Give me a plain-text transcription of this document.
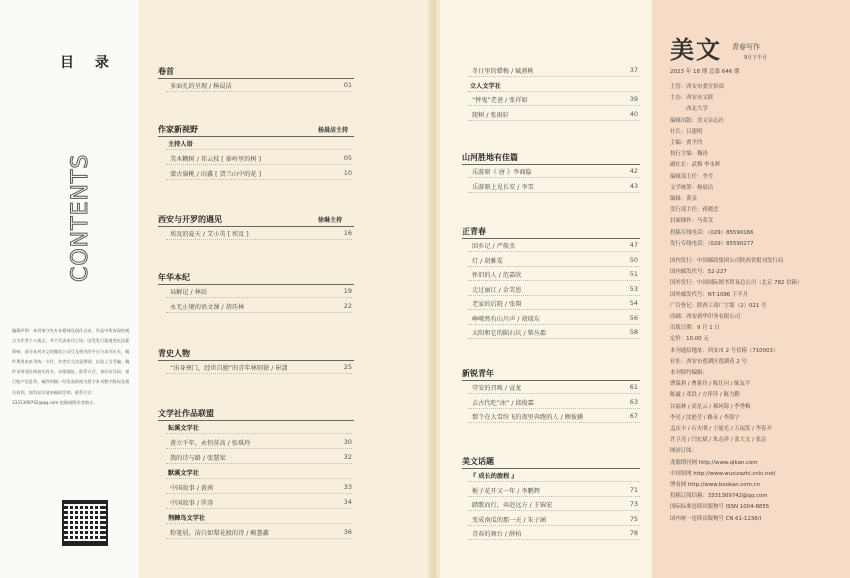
目 录
CONTENTS
编辑声明：本刊恪守先专业精神及创作自由，作品中所表现的观点为作者个人观点，并不代表本刊立场。因受发行渠道变化因素影响，部分本刊名义的微信公众号及相关的平台与本刊无关，稿件费用由本刊统一支付，作者应当注意辨别，以免上当受骗。稿件采用请注明真实姓名、详细地址、联系方式、身份证号码、银行账户信息等。稿件用稿一经发表即视为授予本刊数字版权及相关权利，如有异议请来稿时注明。联系方式：3331309742@qq.com 投稿请附作者简介。
卷首
多面孔的呈现 / 杨晨洁	01
作家新视野	杨晨洁主持
主持人语
美木糊树 / 祁云枝 [ 秦岭里的树 ]	05
蒙古扁桃 / 田鑫 [ 贺兰山中的花 ]	10
西安与开罗的遇见	徐琳主持
埃及的夏天 / 艾小英 [ 埃及 ]	16
年华本纪
局解记 / 林辰	19
永无止境的语文课 / 胡珏林	22
青史人物
“出身寒门，经世自励”的青年林则徐 / 崔潇	25
文学社作品联盟
耘溪文学社
黄立千年，永恒莫高 / 张琪玲	30
我的诗与路 / 张慧梁	32
默溪文学社
中国故事 / 黄茜	33
中国故事 / 罗涛	34
荆棘鸟文学社
粉笔屑，洁白如梨花般的诗 / 赖慧鑫	36
冬日里的蜡梅 / 臧燕桃	37
立人文学社
“摔鬼”老爸 / 张祥如	39
爬树 / 张雨轩	40
山河胜地有佳篇
乐游原《 唐 》李商隐	42
乐游原上见长安 / 李雪	43
正青春
回乡记 / 严俊杰	47
灯 / 胡雅雯	50
怀旧的人 / 范嘉欣	51
走过丽江 / 金美恩	53
老家的后院 / 张翔	54
峥嵘然有山川声 / 胡瑞东	56
太阳和它的陨石坑 / 柴丛郡	58
新锐青年
堂安的召唤 / 宣龙	61
去古代吃“冰” / 邱俊霖	63
那个在大雪纷飞的夜里奔跑的人 / 顾彼嬿	67
美文话题
『 成长的旅程 』
栀子花开又一年 / 李鹏辉	71
踏歌而行，奔赴远方 / 王锦宏	73
变成南瓜的那一天 / 朱子涵	75
青春的舞台 / 薛柏	78
美文 青春写作
9月下半月
2023 年 18 期 总第 646 期
主管：西安市委宣传部
主办：西安市文联
　　　西北大学
编辑出版：美文杂志社
社长：吕建明
主编：贾平凹
执行主编：穆涛
副社长：武梅 李永辉
编辑部主任：李雪
文学统筹：杨晨洁
编辑：黄金
发行部主任：蒋晓恋
封面插作：马英戈
投稿专线电话：（029）85590186
发行专线电话：（029）85590277
国内发行：中国邮政集团公司陕西省报刊发行局
国内邮发代号：52-227
国外发行：中国国际图书贸易总公司（北京 782 信箱）
国外邮发代号：NT-1096 下半月
广告登记：陕西工商广字第（2）021 号
印刷：西安新华印务有限公司
出版日期：9 月 1 日
定价：10.00 元
本刊通信地址：西安市 2 号信箱（710003）
社址：西安市莲湖区莲湖巷 2 号
本刊特约编辑：
曹保莉 / 曹蒋玲 / 陈仕闪 / 陈友平
陈露 / 邓洪 / 方萍萍 / 陈力勤
谷福林 / 高星云 / 郝珂海 / 李秀梅
李亮 / 沈艳莹 / 路永 / 李海宁
孟庆丰 / 石火明 / 王能光 / 万福发 / 李春开
许卫亮 / 闫宏斌 / 朱志祥 / 张大文 / 张志
网站订阅：
龙源期刊网 http://www.qikan.com
中国知网 http://www.wuxizazhi.cnki.net/
博看网 http://www.bookan.com.cn
投稿订阅信箱：3331309742@qq.com
国际标准连续出版物号 ISSN 1004-8855
国内统一连续出版物号 CN 61-1236/I
